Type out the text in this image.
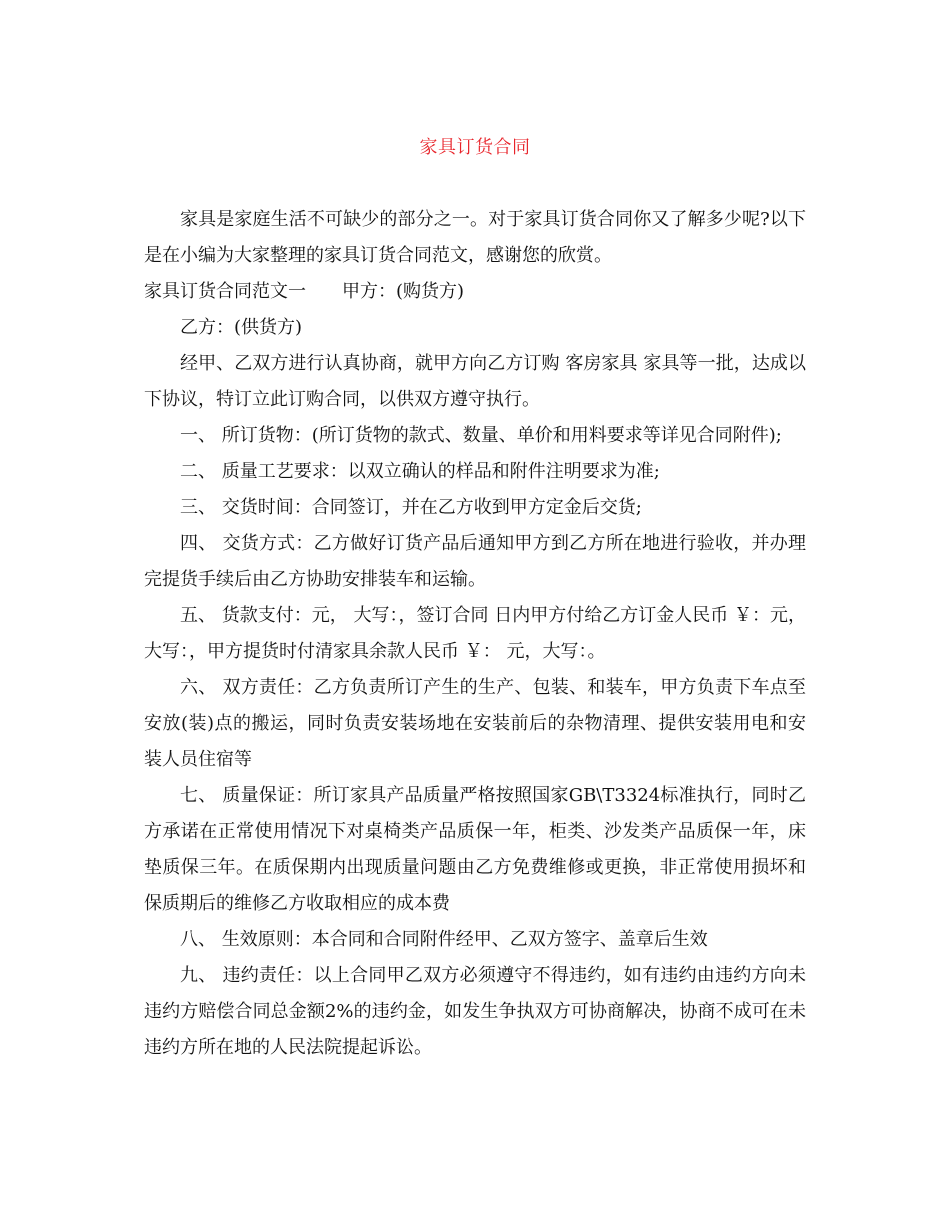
家具订货合同

家具是家庭生活不可缺少的部分之一。对于家具订货合同你又了解多少呢?以下是在小编为大家整理的家具订货合同范文，感谢您的欣赏。

家具订货合同范文一 甲方：(购货方)

乙方：(供货方)

经甲、乙双方进行认真协商，就甲方向乙方订购 客房家具 家具等一批，达成以下协议，特订立此订购合同，以供双方遵守执行。

一、 所订货物：(所订货物的款式、数量、单价和用料要求等详见合同附件);

二、 质量工艺要求：以双立确认的样品和附件注明要求为准;

三、 交货时间：合同签订，并在乙方收到甲方定金后交货;

四、 交货方式：乙方做好订货产品后通知甲方到乙方所在地进行验收，并办理完提货手续后由乙方协助安排装车和运输。

五、 货款支付：元， 大写：，签订合同 日内甲方付给乙方订金人民币 ￥：元，大写：，甲方提货时付清家具余款人民币 ￥： 元，大写：。

六、 双方责任：乙方负责所订产生的生产、包装、和装车，甲方负责下车点至安放(装)点的搬运，同时负责安装场地在安装前后的杂物清理、提供安装用电和安装人员住宿等

七、 质量保证：所订家具产品质量严格按照国家GB\T3324标准执行，同时乙方承诺在正常使用情况下对桌椅类产品质保一年，柜类、沙发类产品质保一年，床垫质保三年。在质保期内出现质量问题由乙方免费维修或更换，非正常使用损坏和保质期后的维修乙方收取相应的成本费

八、 生效原则：本合同和合同附件经甲、乙双方签字、盖章后生效

九、 违约责任：以上合同甲乙双方必须遵守不得违约，如有违约由违约方向未违约方赔偿合同总金额2%的违约金，如发生争执双方可协商解决，协商不成可在未违约方所在地的人民法院提起诉讼。
